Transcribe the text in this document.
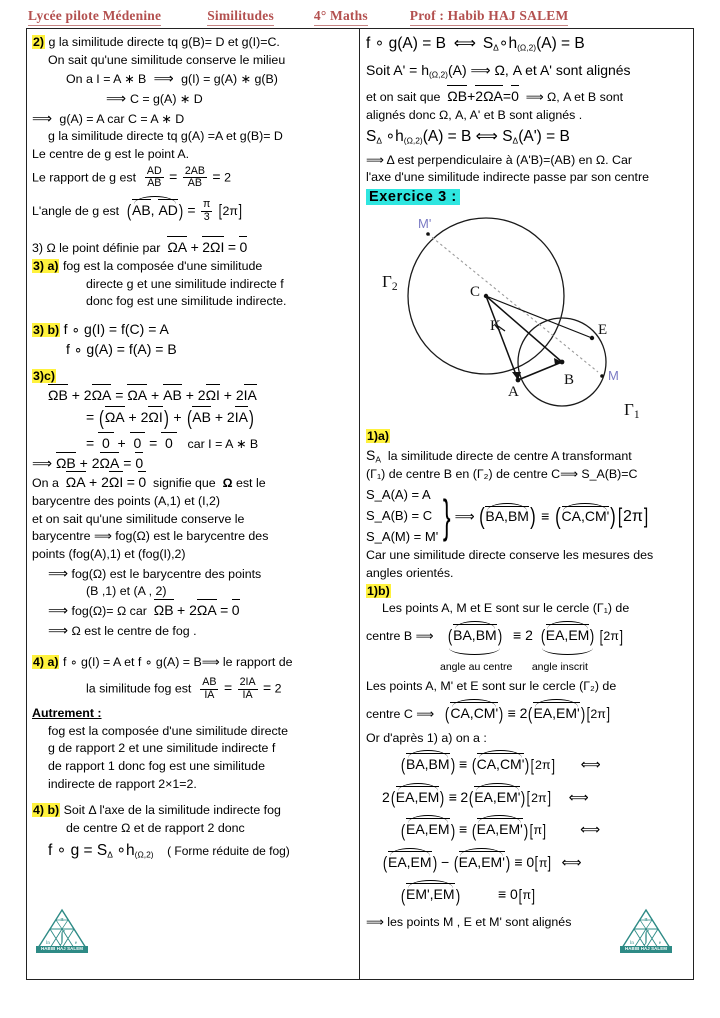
Lycée pilote Médenine	Similitudes	4° Maths	Prof : Habib HAJ SALEM
2) g la similitude directe tq g(B)= D et g(I)=C.
On sait qu'une similitude conserve le milieu
On a I = A ∗ B  ⟹  g(I) = g(A) ∗ g(B)
⟹ C = g(A) ∗ D
⟹  g(A) = A car C = A ∗ D
g la similitude directe tq g(A) =A et g(B)= D
Le centre de g est le point A.
Le rapport de g est $\frac{AD}{AB} = \frac{2AB}{AB} = 2$
L'angle de g est (AB, $AD) = \frac{\pi}{3} [2\pi]$
3) Ω le point définie par ΩA + 2ΩI = 0
3) a) fog est la composée d'une similitude
directe g et une similitude indirecte f
donc fog est une similitude indirecte.
3) b) f ∘ g(I) = f(C) = A
f ∘ g(A) = f(A) = B
3)c)
ΩB + 2ΩA = ΩA + AB + 2ΩI + 2IA
= (ΩA + 2ΩI) + (AB + 2IA)
=  0  +  0  =  0    car I = A ∗ B
⟹ ΩB + 2ΩA = 0
On a  ΩA + 2ΩI = 0  signifie que  Ω est le
barycentre des points (A,1) et (I,2)
et on sait qu'une similitude conserve le
barycentre ⟹ fog(Ω) est le barycentre des
points (fog(A),1) et (fog(I),2)
⟹ fog(Ω) est le barycentre des points
(B ,1) et (A , 2)
⟹ fog(Ω)= Ω car ΩB + 2ΩA = 0
⟹ Ω est le centre de fog .
4) a) f ∘ g(I) = A et f ∘ g(A) = B⟹ le rapport de
la similitude fog est $\frac{AB}{IA} = \frac{2IA}{IA} = 2$
Autrement :
fog est la composée d'une similitude directe
g de rapport 2 et une similitude indirecte f
de rapport 1 donc fog est une similitude
indirecte de rapport 2×1=2.
4) b) Soit Δ l'axe de la similitude indirecte fog
de centre Ω et de rapport 2 donc
f ∘ $g = S_\Delta$ $\circ h_{(\Omega,2)}$ ( Forme réduite de fog)
f ∘ g(A) = B ⟺ $S_\Delta\circ h_{(\Omega,2)}(A) = B$
Soit $A' = h_{(\Omega,2)}(A)$ ⟹ Ω, A et A' sont alignés
et on sait que ΩB+2ΩA=0 ⟹ Ω, A et B sont
alignés donc Ω, A, A' et B sont alignés .
$S_\Delta$ $\circ h_{(\Omega,2)}(A) = B$ ⟺ $S_\Delta(A') = B$
⟹ Δ est perpendiculaire à (A'B)=(AB) en Ω. Car
l'axe d'une similitude indirecte passe par son centre
Exercice 3 :
M'
M
$\Gamma_2$
$\Gamma_1$
C
K	E
A
B
1)a)
$S_A$ la similitude directe de centre A transformant
(Γ₁) de centre B en (Γ₂) de centre C⟹ S_A(B)=C
S_A(A) = A
S_A(B) = C
S_A(M) = M' } ⟹ (BA,BM) ≡ (CA,CM')[2π]
Car une similitude directe conserve les mesures des
angles orientés.
1)b)
Les points A, M et E sont sur le cercle (Γ₁) de
centre B ⟹ (BA,BM) ≡ 2 (EA,EM) [2π]
angle au centre angle inscrit
Les points A, M' et E sont sur le cercle (Γ₂) de
centre C ⟹ (CA,CM') ≡ 2(EA,EM')[2π]
Or d'après 1) a) on a :
(BA,BM) ≡ (CA,CM')[2π] ⟺
2(EA,EM) ≡ 2(EA,EM')[2π] ⟺
(EA,EM) ≡ (EA,EM')[π] ⟺
(EA,EM) − (EA,EM') ≡ 0[π] ⟺
(EM',EM)	≡ 0[π]
⟹ les points M , E et M' sont alignés
π
∫
ln	e
HABIB HAJ SALEM
π
∫
ln	e
HABIB HAJ SALEM
